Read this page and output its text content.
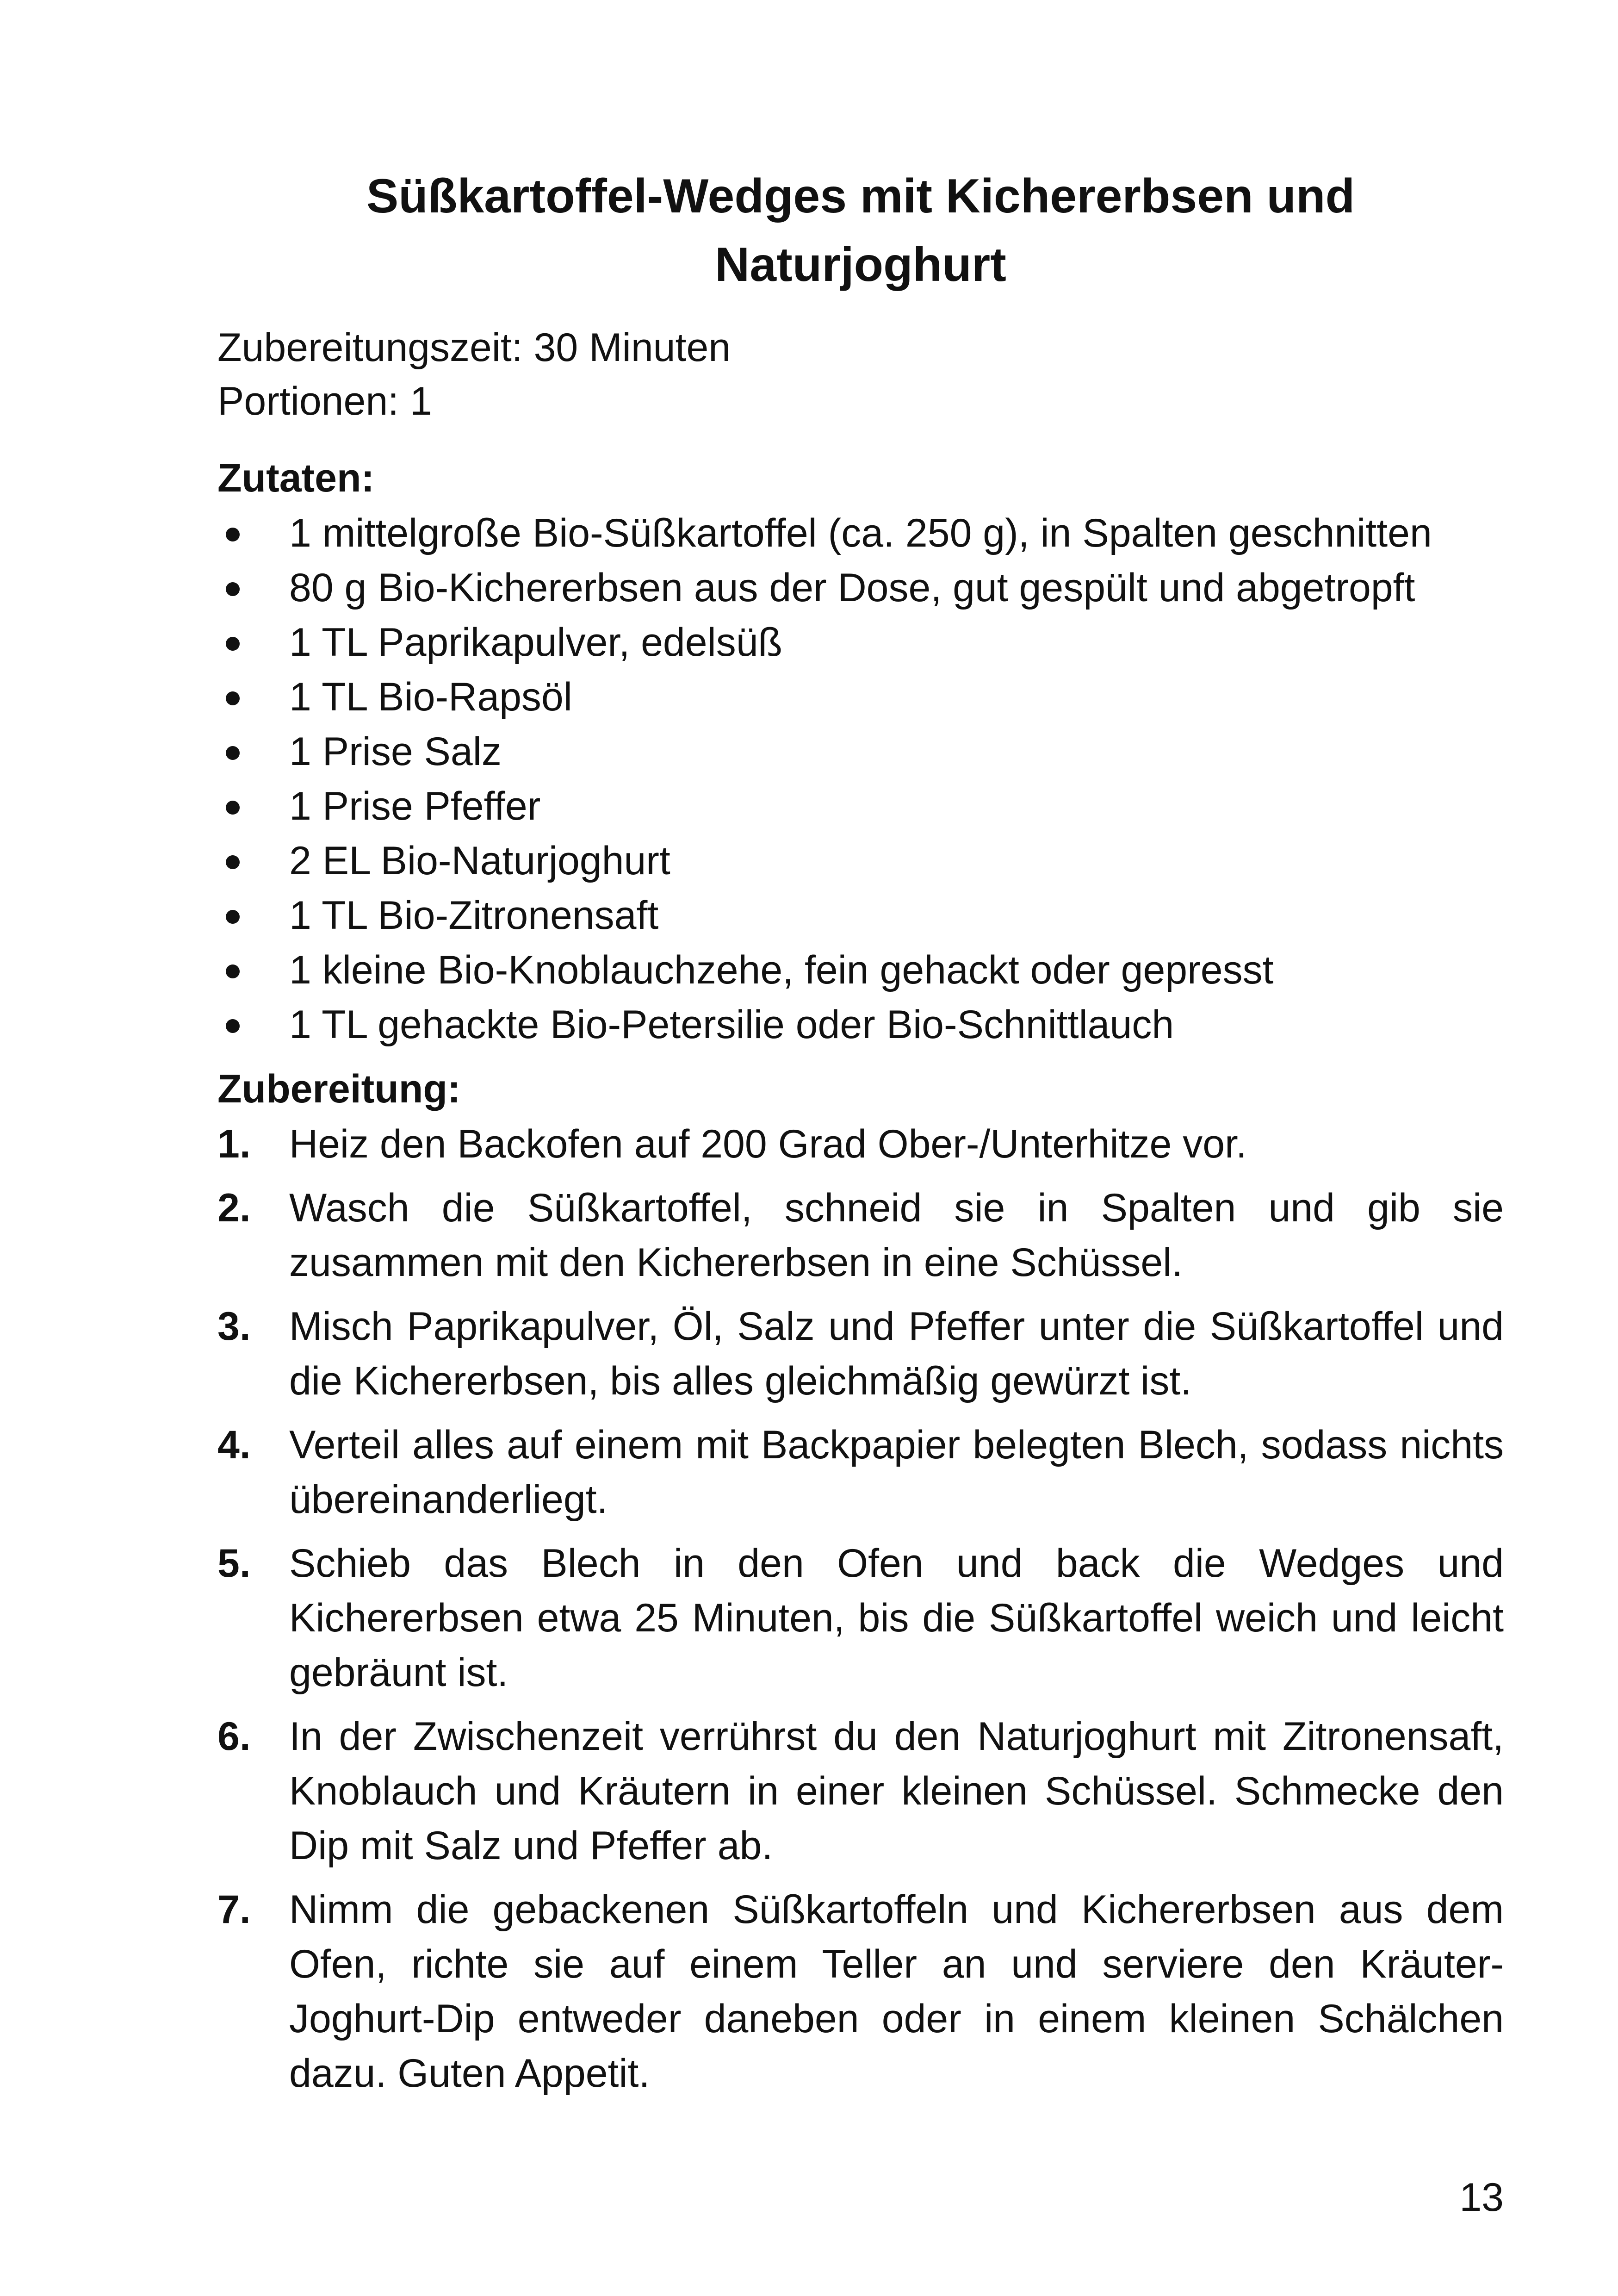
Süßkartoffel-Wedges mit Kichererbsen und Naturjoghurt
Zubereitungszeit: 30 Minuten
Portionen: 1
Zutaten:
1 mittelgroße Bio-Süßkartoffel (ca. 250 g), in Spalten geschnitten
80 g Bio-Kichererbsen aus der Dose, gut gespült und abgetropft
1 TL Paprikapulver, edelsüß
1 TL Bio-Rapsöl
1 Prise Salz
1 Prise Pfeffer
2 EL Bio-Naturjoghurt
1 TL Bio-Zitronensaft
1 kleine Bio-Knoblauchzehe, fein gehackt oder gepresst
1 TL gehackte Bio-Petersilie oder Bio-Schnittlauch
Zubereitung:
1. Heiz den Backofen auf 200 Grad Ober-/Unterhitze vor.
2. Wasch die Süßkartoffel, schneid sie in Spalten und gib sie zusammen mit den Kichererbsen in eine Schüssel.
3. Misch Paprikapulver, Öl, Salz und Pfeffer unter die Süßkartoffel und die Kichererbsen, bis alles gleichmäßig gewürzt ist.
4. Verteil alles auf einem mit Backpapier belegten Blech, sodass nichts übereinanderliegt.
5. Schieb das Blech in den Ofen und back die Wedges und Kichererbsen etwa 25 Minuten, bis die Süßkartoffel weich und leicht gebräunt ist.
6. In der Zwischenzeit verrührst du den Naturjoghurt mit Zitronensaft, Knoblauch und Kräutern in einer kleinen Schüssel. Schmecke den Dip mit Salz und Pfeffer ab.
7. Nimm die gebackenen Süßkartoffeln und Kichererbsen aus dem Ofen, richte sie auf einem Teller an und serviere den Kräuter-Joghurt-Dip entweder daneben oder in einem kleinen Schälchen dazu. Guten Appetit.
13
